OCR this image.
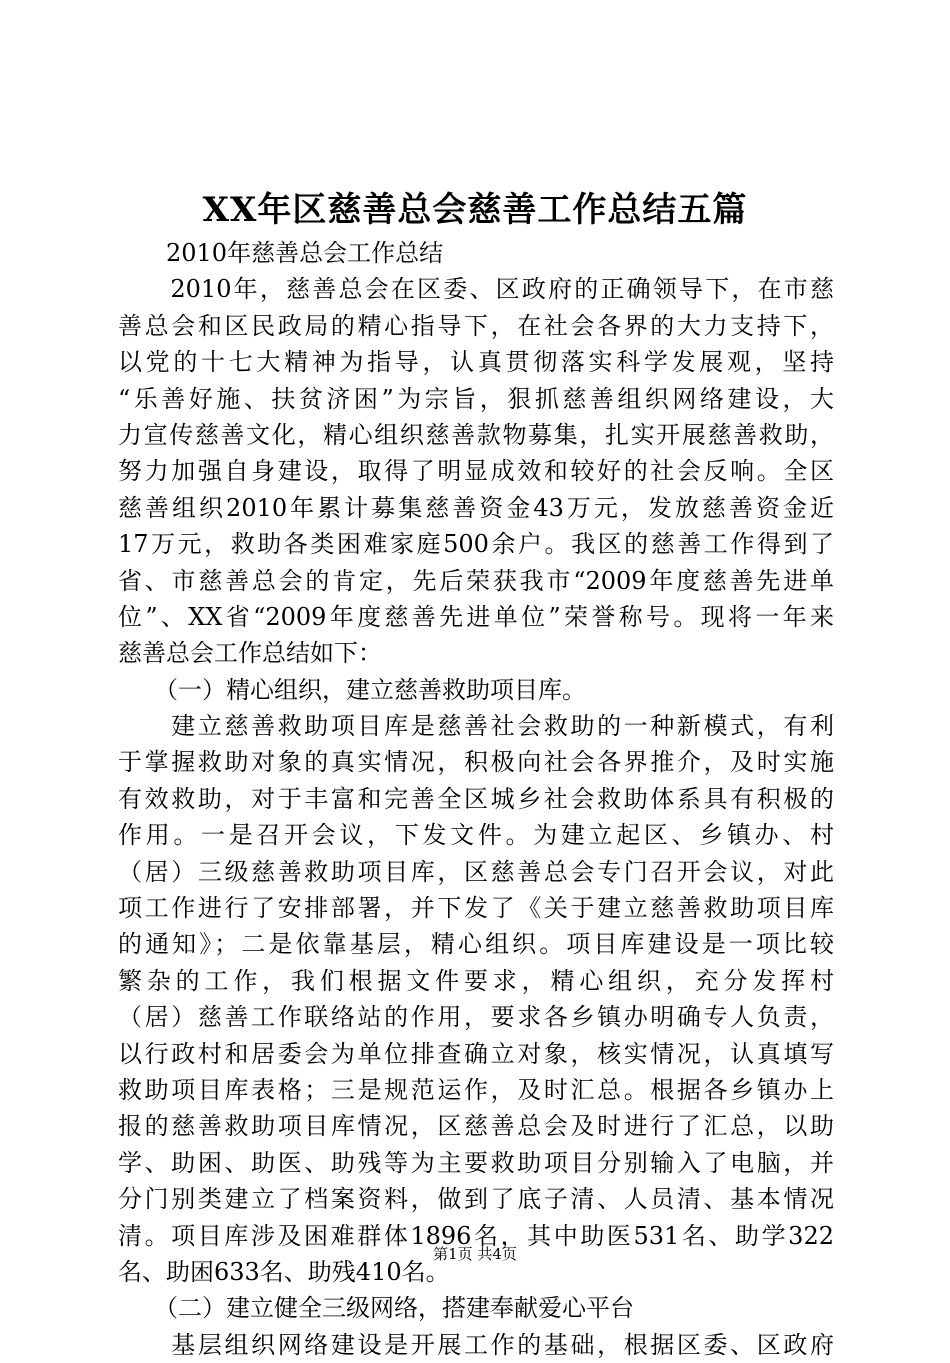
XX年区慈善总会慈善工作总结五篇
　　2010年慈善总会工作总结
　　2010年，慈善总会在区委、区政府的正确领导下，在市慈
善总会和区民政局的精心指导下，在社会各界的大力支持下，
以党的十七大精神为指导，认真贯彻落实科学发展观，坚持
“乐善好施、扶贫济困”为宗旨，狠抓慈善组织网络建设，大
力宣传慈善文化，精心组织慈善款物募集，扎实开展慈善救助，
努力加强自身建设，取得了明显成效和较好的社会反响。全区
慈善组织2010年累计募集慈善资金43万元，发放慈善资金近
17万元，救助各类困难家庭500余户。我区的慈善工作得到了
省、市慈善总会的肯定，先后荣获我市“2009年度慈善先进单
位”、XX省“2009年度慈善先进单位”荣誉称号。现将一年来
慈善总会工作总结如下：
　　（一）精心组织，建立慈善救助项目库。
　　建立慈善救助项目库是慈善社会救助的一种新模式，有利
于掌握救助对象的真实情况，积极向社会各界推介，及时实施
有效救助，对于丰富和完善全区城乡社会救助体系具有积极的
作用。一是召开会议，下发文件。为建立起区、乡镇办、村
（居）三级慈善救助项目库，区慈善总会专门召开会议，对此
项工作进行了安排部署，并下发了《关于建立慈善救助项目库
的通知》；二是依靠基层，精心组织。项目库建设是一项比较
繁杂的工作，我们根据文件要求，精心组织，充分发挥村
（居）慈善工作联络站的作用，要求各乡镇办明确专人负责，
以行政村和居委会为单位排查确立对象，核实情况，认真填写
救助项目库表格；三是规范运作，及时汇总。根据各乡镇办上
报的慈善救助项目库情况，区慈善总会及时进行了汇总，以助
学、助困、助医、助残等为主要救助项目分别输入了电脑，并
分门别类建立了档案资料，做到了底子清、人员清、基本情况
清。项目库涉及困难群体1896名，其中助医531名、助学322
名、助困633名、助残410名。
　　（二）建立健全三级网络，搭建奉献爱心平台
　　基层组织网络建设是开展工作的基础，根据区委、区政府
第1页 共4页
